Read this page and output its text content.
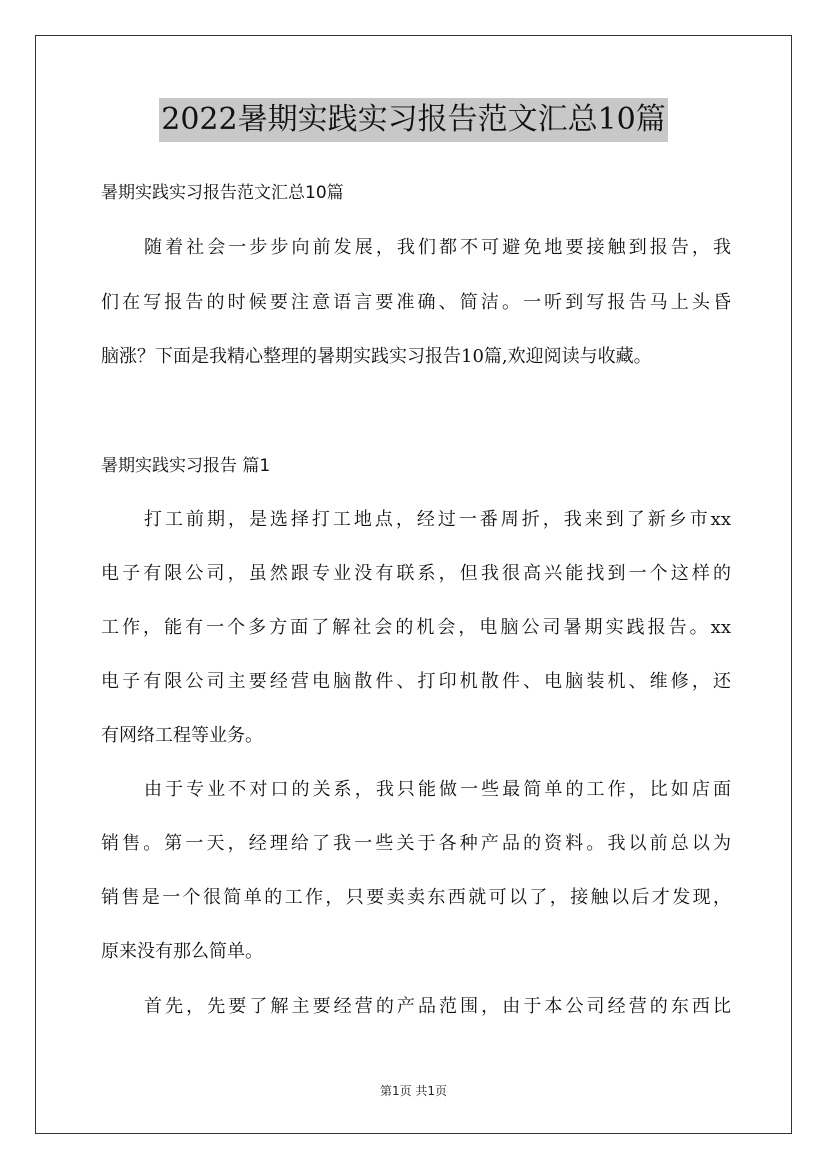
2022暑期实践实习报告范文汇总10篇
暑期实践实习报告范文汇总10篇
随着社会一步步向前发展，我们都不可避免地要接触到报告，我
们在写报告的时候要注意语言要准确、简洁。一听到写报告马上头昏
脑涨？下面是我精心整理的暑期实践实习报告10篇,欢迎阅读与收藏。
暑期实践实习报告 篇1
打工前期，是选择打工地点，经过一番周折，我来到了新乡市xx
电子有限公司，虽然跟专业没有联系，但我很高兴能找到一个这样的
工作，能有一个多方面了解社会的机会，电脑公司暑期实践报告。xx
电子有限公司主要经营电脑散件、打印机散件、电脑装机、维修，还
有网络工程等业务。
由于专业不对口的关系，我只能做一些最简单的工作，比如店面
销售。第一天，经理给了我一些关于各种产品的资料。我以前总以为
销售是一个很简单的工作，只要卖卖东西就可以了，接触以后才发现，
原来没有那么简单。
首先，先要了解主要经营的产品范围，由于本公司经营的东西比
第1页 共1页
